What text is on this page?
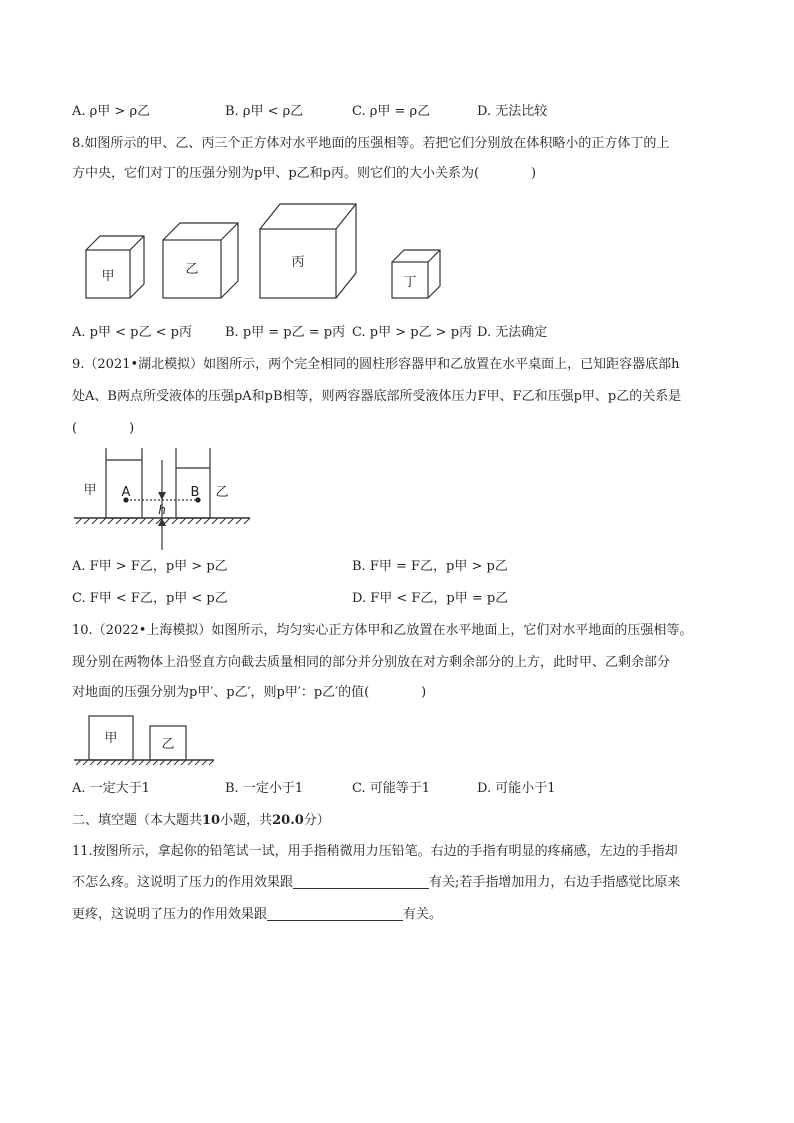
A. ρ甲 > ρ乙	B. ρ甲 < ρ乙	C. ρ甲 = ρ乙	D. 无法比较
8.如图所示的甲、乙、丙三个正方体对水平地面的压强相等。若把它们分别放在体积略小的正方体丁的上
方中央，它们对丁的压强分别为p甲、p乙和p丙。则它们的大小关系为(　　　　)
甲	乙	丙
丁
A. p甲 < p乙 < p丙	B. p甲 = p乙 = p丙 C. p甲 > p乙 > p丙 D. 无法确定
9.（2021•湖北模拟）如图所示，两个完全相同的圆柱形容器甲和乙放置在水平桌面上，已知距容器底部h
处A、B两点所受液体的压强pA和pB相等，则两容器底部所受液体压力F甲、F乙和压强p甲、p乙的关系是
(　　　　)
甲	乙
A	B
h
A. F甲 > F乙，p甲 > p乙	B. F甲 = F乙，p甲 > p乙
C. F甲 < F乙，p甲 < p乙	D. F甲 < F乙，p甲 = p乙
10.（2022•上海模拟）如图所示，均匀实心正方体甲和乙放置在水平地面上，它们对水平地面的压强相等。
现分别在两物体上沿竖直方向截去质量相同的部分并分别放在对方剩余部分的上方，此时甲、乙剩余部分
对地面的压强分别为p甲′、p乙′，则p甲′：p乙′的值(　　　　)
甲	乙
A. 一定大于1	B. 一定小于1	C. 可能等于1	D. 可能小于1
二、填空题（本大题共10小题，共20.0分）
11.按图所示，拿起你的铅笔试一试，用手指稍微用力压铅笔。右边的手指有明显的疼痛感，左边的手指却
不怎么疼。这说明了压力的作用效果跟	有关;若手指增加用力，右边手指感觉比原来
更疼，这说明了压力的作用效果跟	有关。
